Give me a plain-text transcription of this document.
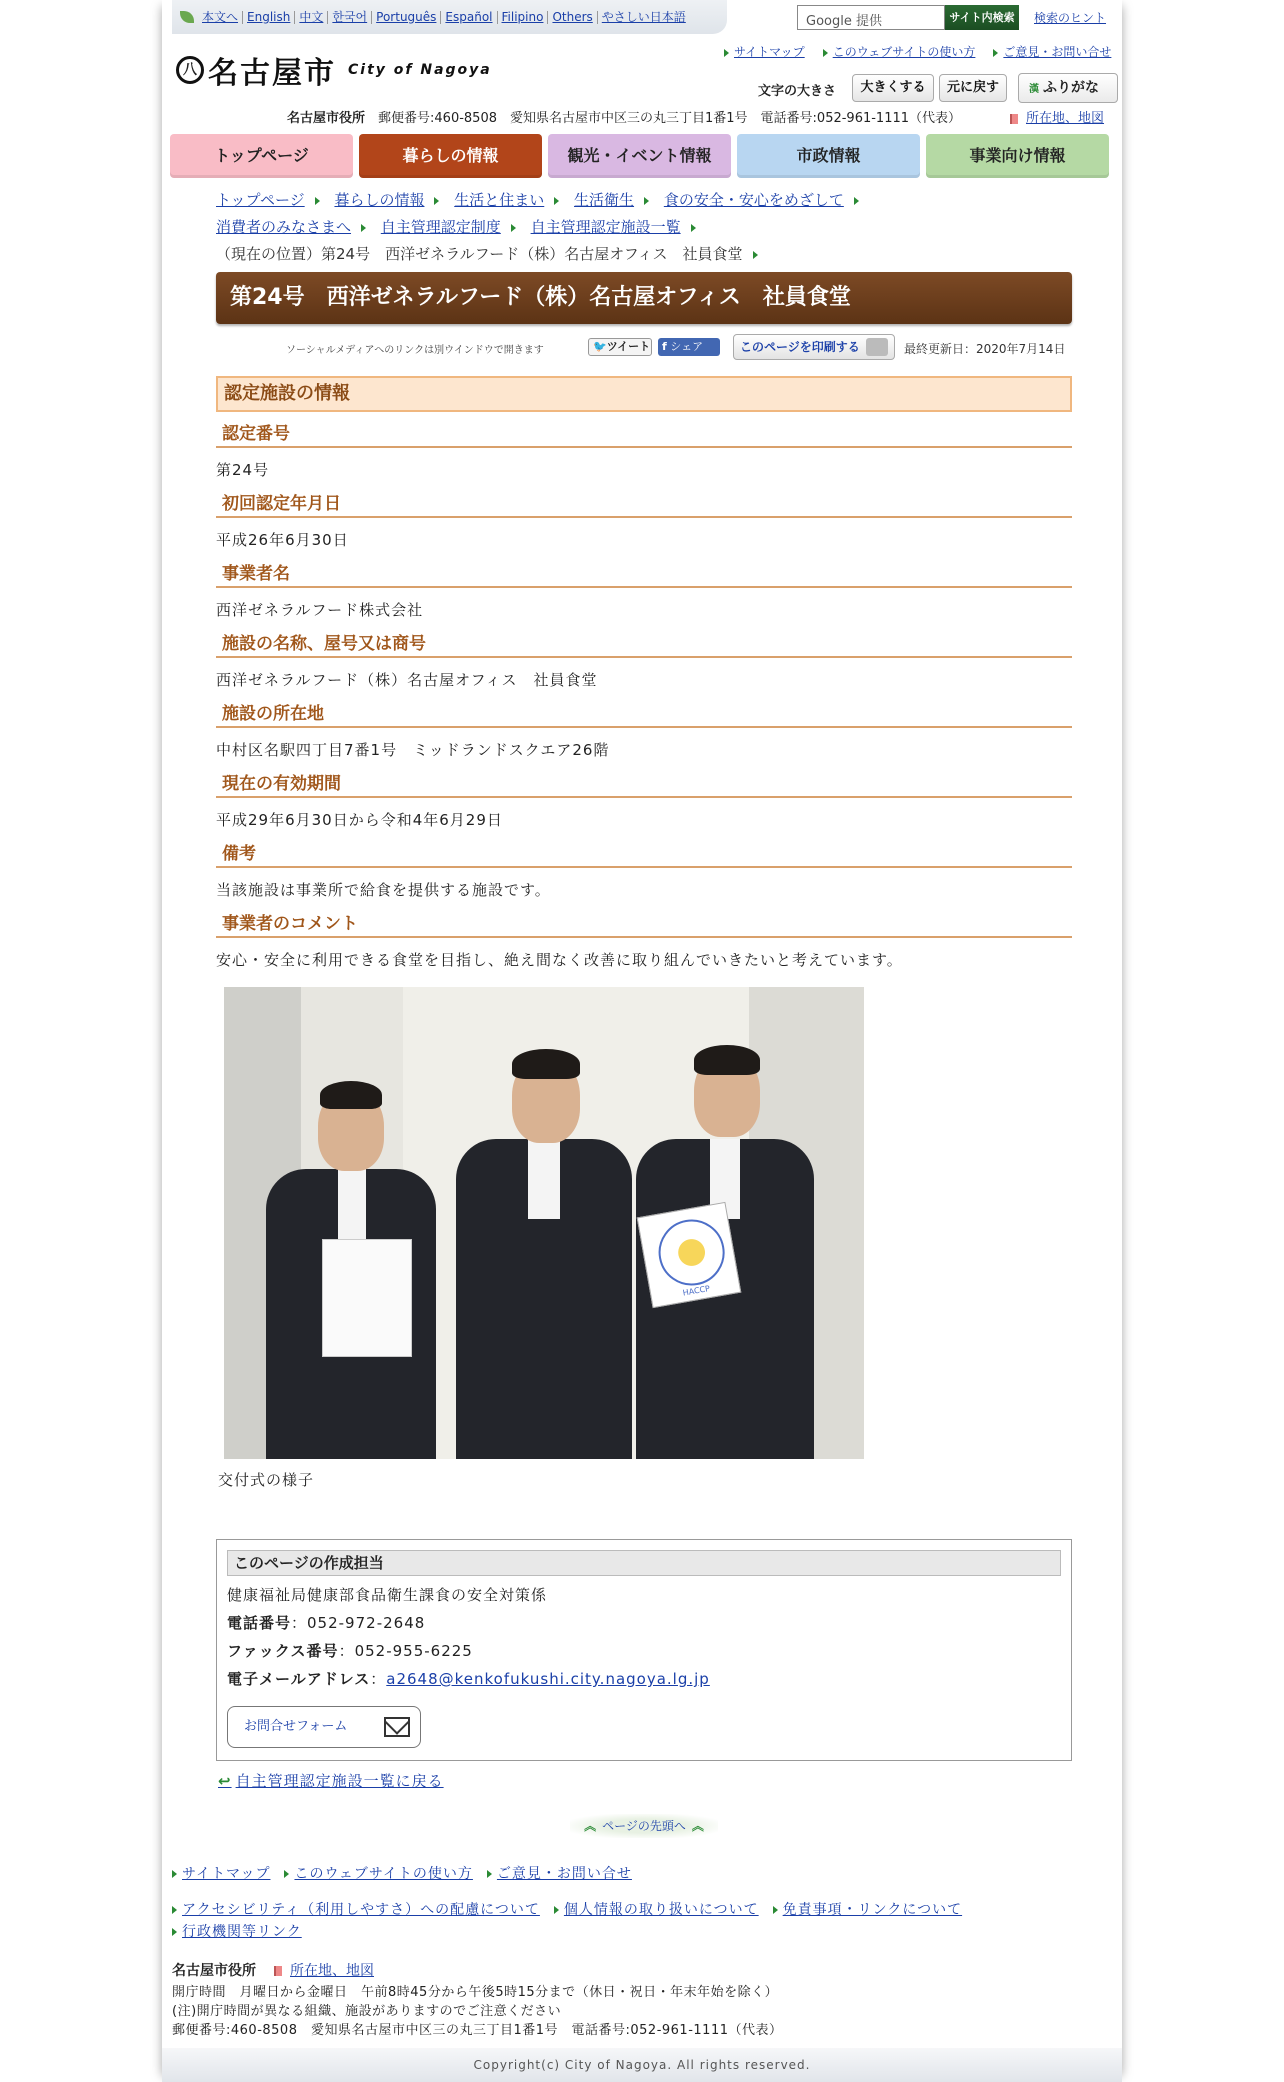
本文へ English 中文 한국어 Português Español Filipino Others やさしい日本語	Google 提供	サイト内検索	検索のヒント
八 名古屋市 City of Nagoya
サイトマップ	このウェブサイトの使い方	ご意見・お問い合せ
文字の大きさ	大きくする	元に戻す	漢 ふりがな
名古屋市役所　 郵便番号:460-8508　愛知県名古屋市中区三の丸三丁目1番1号　電話番号:052-961-1111（代表）	所在地、地図
トップページ	暮らしの情報	観光・イベント情報	市政情報	事業向け情報
トップページ 暮らしの情報 生活と住まい 生活衛生 食の安全・安心をめざして
消費者のみなさまへ 自主管理認定制度 自主管理認定施設一覧
（現在の位置）第24号　西洋ゼネラルフード（株）名古屋オフィス　社員食堂
第24号　西洋ゼネラルフード（株）名古屋オフィス　社員食堂
ソーシャルメディアへのリンクは別ウインドウで開きます	🐦ツイート	f シェア	このページを印刷する	最終更新日：2020年7月14日
認定施設の情報
認定番号
第24号
初回認定年月日
平成26年6月30日
事業者名
西洋ゼネラルフード株式会社
施設の名称、屋号又は商号
西洋ゼネラルフード（株）名古屋オフィス　社員食堂
施設の所在地
中村区名駅四丁目7番1号　ミッドランドスクエア26階
現在の有効期間
平成29年6月30日から令和4年6月29日
備考
当該施設は事業所で給食を提供する施設です。
事業者のコメント
安心・安全に利用できる食堂を目指し、絶え間なく改善に取り組んでいきたいと考えています。
HACCP
交付式の様子
このページの作成担当
健康福祉局健康部食品衛生課食の安全対策係
電話番号：052-972-2648
ファックス番号：052-955-6225
電子メールアドレス：a2648@kenkofukushi.city.nagoya.lg.jp
お問合せフォーム
↩ 自主管理認定施設一覧に戻る
︽ ページの先頭へ ︽
サイトマップ	このウェブサイトの使い方	ご意見・お問い合せ
アクセシビリティ（利用しやすさ）への配慮について	個人情報の取り扱いについて	免責事項・リンクについて
行政機関等リンク
名古屋市役所	所在地、地図
開庁時間　月曜日から金曜日　午前8時45分から午後5時15分まで（休日・祝日・年末年始を除く）
(注)開庁時間が異なる組織、施設がありますのでご注意ください
郵便番号:460-8508　愛知県名古屋市中区三の丸三丁目1番1号　電話番号:052-961-1111（代表）
Copyright(c) City of Nagoya. All rights reserved.
